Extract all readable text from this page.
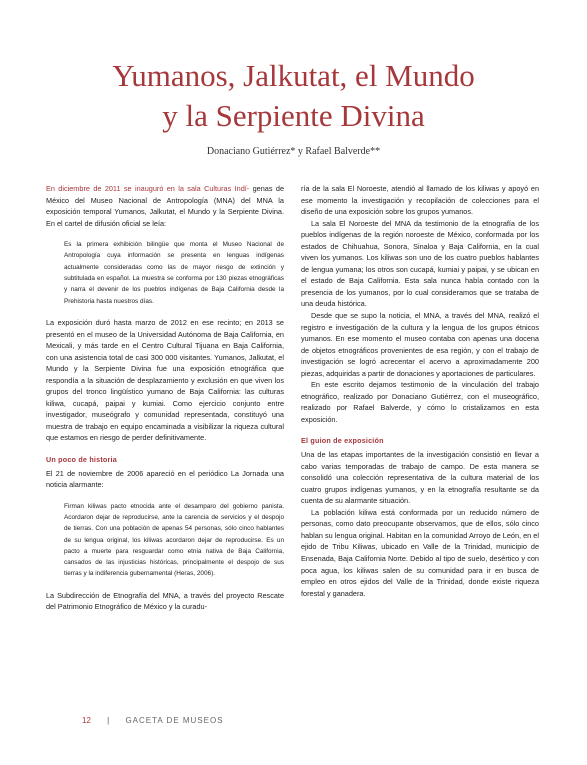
Yumanos, Jalkutat, el Mundo
y la Serpiente Divina
Donaciano Gutiérrez* y Rafael Balverde**

En diciembre de 2011 se inauguró en la sala Culturas Indí- genas de México del Museo Nacional de Antropología (MNA) del MNA la exposición temporal Yumanos, Jalkutat, el Mundo y la Serpiente Divina. En el cartel de difusión oficial se leía:

Es la primera exhibición bilingüe que monta el Museo Nacional de Antropología cuya información se presenta en lenguas indígenas actualmente consideradas como las de mayor riesgo de extinción y subtitulada en español. La muestra se conforma por 130 piezas etnográficas y narra el devenir de los pueblos indígenas de Baja California desde la Prehistoria hasta nuestros días.

La exposición duró hasta marzo de 2012 en ese recinto; en 2013 se presentó en el museo de la Universidad Autónoma de Baja California, en Mexicali, y más tarde en el Centro Cultural Tijuana en Baja California, con una asistencia total de casi 300 000 visitantes. Yumanos, Jalkutat, el Mundo y la Serpiente Divina fue una exposición etnográfica que respondía a la situación de desplazamiento y exclusión en que viven los grupos del tronco lingüístico yumano de Baja California: las culturas kiliwa, cucapá, paipai y kumiai. Como ejercicio conjunto entre investigador, museógrafo y comunidad representada, constituyó una muestra de trabajo en equipo encaminada a visibilizar la riqueza cultural que estamos en riesgo de perder definitivamente.

Un poco de historia

El 21 de noviembre de 2006 apareció en el periódico La Jornada una noticia alarmante:

Firman kiliwas pacto etnocida ante el desamparo del gobierno panista. Acordaron dejar de reproducirse, ante la carencia de servicios y el despojo de tierras. Con una población de apenas 54 personas, sólo cinco hablantes de su lengua original, los kiliwas acordaron dejar de reproducirse. Es un pacto a muerte para resguardar como etnia nativa de Baja California, cansados de las injusticias históricas, principalmente el despojo de sus tierras y la indiferencia gubernamental (Heras, 2006).

La Subdirección de Etnografía del MNA, a través del proyecto Rescate del Patrimonio Etnográfico de México y la curadu-

ría de la sala El Noroeste, atendió al llamado de los kiliwas y apoyó en ese momento la investigación y recopilación de colecciones para el diseño de una exposición sobre los grupos yumanos.

La sala El Noroeste del MNA da testimonio de la etnografía de los pueblos indígenas de la región noroeste de México, conformada por los estados de Chihuahua, Sonora, Sinaloa y Baja California, en la cual viven los yumanos. Los kiliwas son uno de los cuatro pueblos hablantes de lengua yumana; los otros son cucapá, kumiai y paipai, y se ubican en el estado de Baja California. Esta sala nunca había contado con la presencia de los yumanos, por lo cual consideramos que se trataba de una deuda histórica.

Desde que se supo la noticia, el MNA, a través del MNA, realizó el registro e investigación de la cultura y la lengua de los grupos étnicos yumanos. En ese momento el museo contaba con apenas una docena de objetos etnográficos provenientes de esa región, y con el trabajo de investigación se logró acrecentar el acervo a aproximadamente 200 piezas, adquiridas a partir de donaciones y aportaciones de particulares.

En este escrito dejamos testimonio de la vinculación del trabajo etnográfico, realizado por Donaciano Gutiérrez, con el museográfico, realizado por Rafael Balverde, y cómo lo cristalizamos en esta exposición.

El guion de exposición

Una de las etapas importantes de la investigación consistió en llevar a cabo varias temporadas de trabajo de campo. De esta manera se consolidó una colección representativa de la cultura material de los cuatro grupos indígenas yumanos, y en la etnografía resultante se da cuenta de su alarmante situación.

La población kiliwa está conformada por un reducido número de personas, como dato preocupante observamos, que de ellos, sólo cinco hablan su lengua original. Habitan en la comunidad Arroyo de León, en el ejido de Tribu Kiliwas, ubicado en Valle de la Trinidad, municipio de Ensenada, Baja California Norte. Debido al tipo de suelo, desértico y con poca agua, los kiliwas salen de su comunidad para ir en busca de empleo en otros ejidos del Valle de la Trinidad, donde existe riqueza forestal y ganadera.

12 | GACETA DE MUSEOS
